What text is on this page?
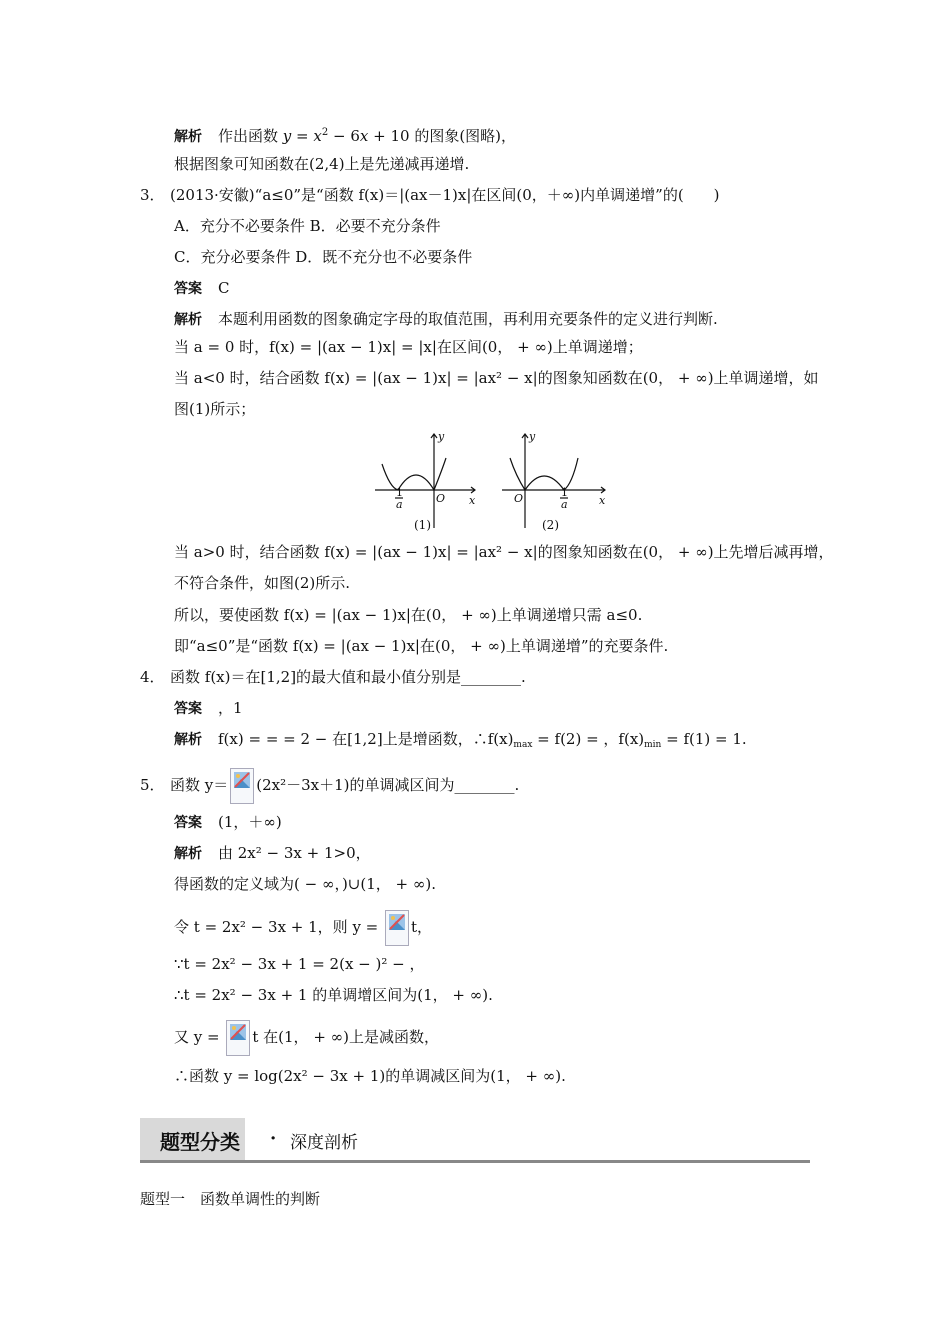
解析 作出函数 $y = x^2 - 6x + 10$ 的图象(图略)，
根据图象可知函数在(2,4)上是先递减再递增.
3． (2013·安徽)“a≤0”是“函数 f(x)＝|(ax－1)x|在区间(0，＋∞)内单调递增”的(　　)
A．充分不必要条件 B．必要不充分条件
C．充分必要条件 D．既不充分也不必要条件
答案 C
解析 本题利用函数的图象确定字母的取值范围，再利用充要条件的定义进行判断.
当 a = 0 时，f(x) = |(ax − 1)x| = |x|在区间(0， + ∞)上单调递增；
当 a<0 时，结合函数 f(x) = |(ax − 1)x| = |ax² − x|的图象知函数在(0， + ∞)上单调递增，如
图(1)所示；
y
x
O
1
a
y
x
O	1
a
(1)	(2)
当 a>0 时，结合函数 f(x) = |(ax − 1)x| = |ax² − x|的图象知函数在(0， + ∞)上先增后减再增，
不符合条件，如图(2)所示.
所以，要使函数 f(x) = |(ax − 1)x|在(0， + ∞)上单调递增只需 a≤0.
即“a≤0”是“函数 f(x) = |(ax − 1)x|在(0， + ∞)上单调递增”的充要条件.
4． 函数 f(x)＝在[1,2]的最大值和最小值分别是________.
答案 ，1
解析 f(x) = = = 2 − 在[1,2]上是增函数，$\therefore f(x)_{max} = f(2)$ = ，$f(x)_{min} = f(1) = 1$.
5． 函数 y＝ (2x²－3x＋1)的单调减区间为________.
答案 (1，＋∞)
解析 由 2x² − 3x + 1>0，
得函数的定义域为( − ∞，)∪(1， + ∞).
令 t = 2x² − 3x + 1，则 y =
t，
∵t = 2x² − 3x + 1 = 2(x − )² − ，
∴t = 2x² − 3x + 1 的单调增区间为(1， + ∞).
又 y =
t 在(1， + ∞)上是减函数，
∴函数 y = log(2x² − 3x + 1)的单调减区间为(1， + ∞).
题型分类 · 深度剖析
题型一　函数单调性的判断
